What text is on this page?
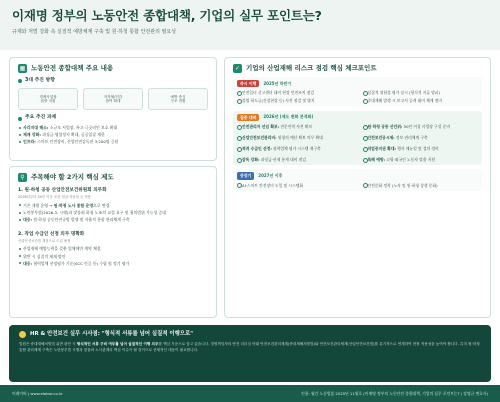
이재명 정부의 노동안전 종합대책, 기업의 실무 포인트는?
규제와 처벌 강화 속 실질적 예방체계 구축 및 원·하청 통합 안전관리 필요성
▦ 노동안전 종합대책 주요 내용
3대 추진 방향
경제사업장
집중 지원
지자체/민간
참여 확대
예방 중심
구조 전환
주요 추진 과제
사각지대 해소: 소규모 사업장, 특고·극곳러인 보호 확대
제재 강화: 과징금·영업정지 확대, 공공입찰 제한
인프라: 스마트 안전장비, 산업안전감독관 3,200명 증원
⚲ 주목해야 할 2가지 핵심 제도
1. 원·하청 공동 산업안전보건위원회 의무화
2026년부터 50인 이상 조선·철강·자동차 등 적용
기존 개별 운영 → 원·하청 노사 통합 운영으로 변경
노란봉투법(2026.3. 시행)과 맞물려 하청 노조의 교섭 요구 및 협의범위 가능성 증대
대응: 원·하청 공동안전규범 발생 및 자율적 통합 관리체계 구축
2. 작업 수급인 선정 의무 명확화
산업안전보건법 개정으로 도입 예정
산업재해 예방능력을 갖춘 업체에만 계약 체결
위반 시 실질적 제재 방안
대응: 협력업체 선정평가 기준(SCC 인증 등) 수립 및 정기 평가
✓ 기업의 산업재해 리스크 점검 핵심 체크포인트
즉시 이행	2025년 하반기
안전일터 신고센터 대비 현장 안전조치 점검	실질적 위험성 평가 실시 (형식적 서류 탈피)
불법 하도급(건설현장 등) 사전 점검 및 방지	중대재해 발생 시 보고서 공개 대비 체계 정비
집중 대비	2026년 (제도 변화 본격화)
안전관리자 선임 확보: 전문인력 사전 확보	원·하청 공동 산안위: 50인 이상 사업장 구성 준비
산업안전보건관리비: 원청의 예산 확보 의무 확대	안전보건공시제: 정보 관리체계 구축
적격 수급인 선정: 협력업체 평가 시스템 재구축	작업중지권 확대: 행사 매뉴얼 및 절차 정비
감독 강화: 과징금·산재 통계 대비 점검	특례 예방: 고령·외국인 노동자 맞춤 지원
중장기	2027년 이후
AI·스마트 안전장비 도입 및 시스템화	안전문화 정착 (노사 및 원·하청 상생 문화)
HR & 안전보건 실무 시사점: "형식적 서류를 넘어 실질적 이행으로"
법원은 중대재해처벌법 위반 판단 시 형식적인 서류 구비 여부를 넘어 실질적인 이행 의무를 핵심 기준으로 삼고 있습니다. 경영책임자의 안전 리더십 아래 안전보건관리체계(중대재해처벌법)와 안전보건관리체계(산업안전보건법)를 유기적으로 연계하여 현장 적용성을 높여야 합니다. 특히 원·하청 통합 관리체계 구축은 노란봉투법 시행과 맞물려 노사관계의 핵심 이슈가 될 것이므로 선제적인 대응이 필요합니다.
이레이버 | www.elabor.co.kr	인용: 월간 노동법률 2025년 11월호 (이재명 정부의 노동안전 종합대책, 기업의 실무 포인트는? / 강명규 변호사)
